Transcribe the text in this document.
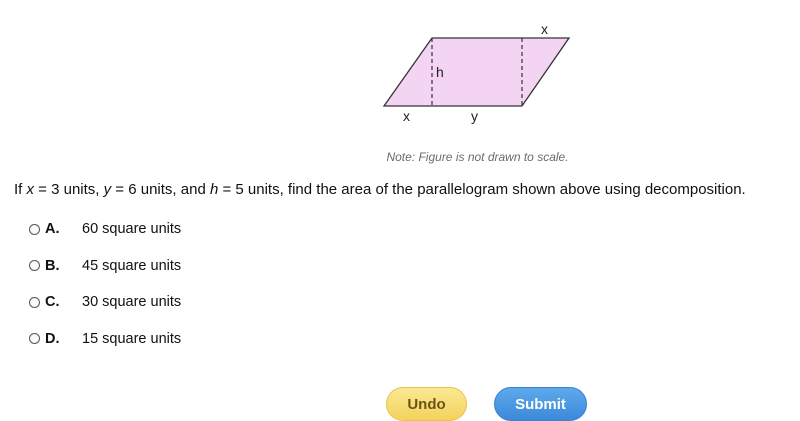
x
h
x	y
Note: Figure is not drawn to scale.
If x = 3 units, y = 6 units, and h = 5 units, find the area of the parallelogram shown above using decomposition.
A.	60 square units
B.	45 square units
C.	30 square units
D.	15 square units
Undo	Submit
